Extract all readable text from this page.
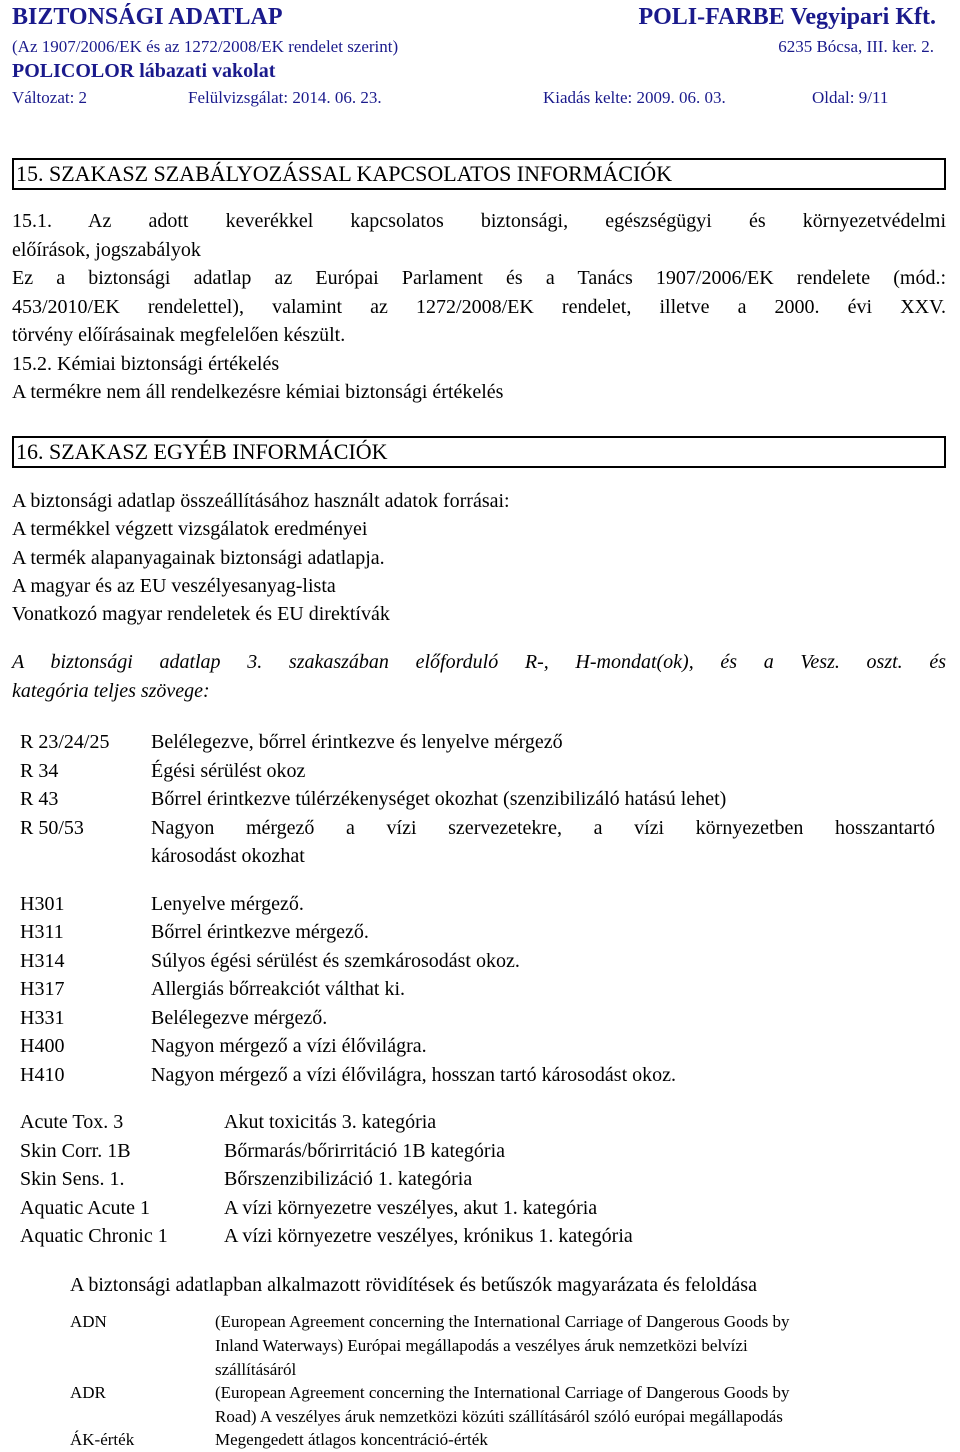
BIZTONSÁGI ADATLAP	POLI-FARBE Vegyipari Kft.
(Az 1907/2006/EK és az 1272/2008/EK rendelet szerint)	6235 Bócsa, III. ker. 2.
POLICOLOR lábazati vakolat
Változat: 2	Felülvizsgálat: 2014. 06. 23.	Kiadás kelte: 2009. 06. 03.	Oldal: 9/11
15. SZAKASZ SZABÁLYOZÁSSAL KAPCSOLATOS INFORMÁCIÓK
15.1. Az adott keverékkel kapcsolatos biztonsági, egészségügyi és környezetvédelmi
előírások, jogszabályok
Ez a biztonsági adatlap az Európai Parlament és a Tanács 1907/2006/EK rendelete (mód.:
453/2010/EK rendelettel), valamint az 1272/2008/EK rendelet, illetve a 2000. évi XXV.
törvény előírásainak megfelelően készült.
15.2. Kémiai biztonsági értékelés
A termékre nem áll rendelkezésre kémiai biztonsági értékelés
16. SZAKASZ EGYÉB INFORMÁCIÓK
A biztonsági adatlap összeállításához használt adatok forrásai:
A termékkel végzett vizsgálatok eredményei
A termék alapanyagainak biztonsági adatlapja.
A magyar és az EU veszélyesanyag-lista
Vonatkozó magyar rendeletek és EU direktívák
A biztonsági adatlap 3. szakaszában előforduló R-, H-mondat(ok), és a Vesz. oszt. és
kategória teljes szövege:
R 23/24/25 Belélegezve, bőrrel érintkezve és lenyelve mérgező
R 34	Égési sérülést okoz
R 43	Bőrrel érintkezve túlérzékenységet okozhat (szenzibilizáló hatású lehet)
R 50/53	Nagyon mérgező a vízi szervezetekre, a vízi környezetben hosszantartó
károsodást okozhat
H301	Lenyelve mérgező.
H311	Bőrrel érintkezve mérgező.
H314	Súlyos égési sérülést és szemkárosodást okoz.
H317	Allergiás bőrreakciót válthat ki.
H331	Belélegezve mérgező.
H400	Nagyon mérgező a vízi élővilágra.
H410	Nagyon mérgező a vízi élővilágra, hosszan tartó károsodást okoz.
Acute Tox. 3	Akut toxicitás 3. kategória
Skin Corr. 1B	Bőrmarás/bőrirritáció 1B kategória
Skin Sens. 1.	Bőrszenzibilizáció 1. kategória
Aquatic Acute 1	A vízi környezetre veszélyes, akut 1. kategória
Aquatic Chronic 1	A vízi környezetre veszélyes, krónikus 1. kategória
A biztonsági adatlapban alkalmazott rövidítések és betűszók magyarázata és feloldása
ADN	(European Agreement concerning the International Carriage of Dangerous Goods by
Inland Waterways) Európai megállapodás a veszélyes áruk nemzetközi belvízi
szállításáról
ADR	(European Agreement concerning the International Carriage of Dangerous Goods by
Road) A veszélyes áruk nemzetközi közúti szállításáról szóló európai megállapodás
ÁK-érték	Megengedett átlagos koncentráció-érték
